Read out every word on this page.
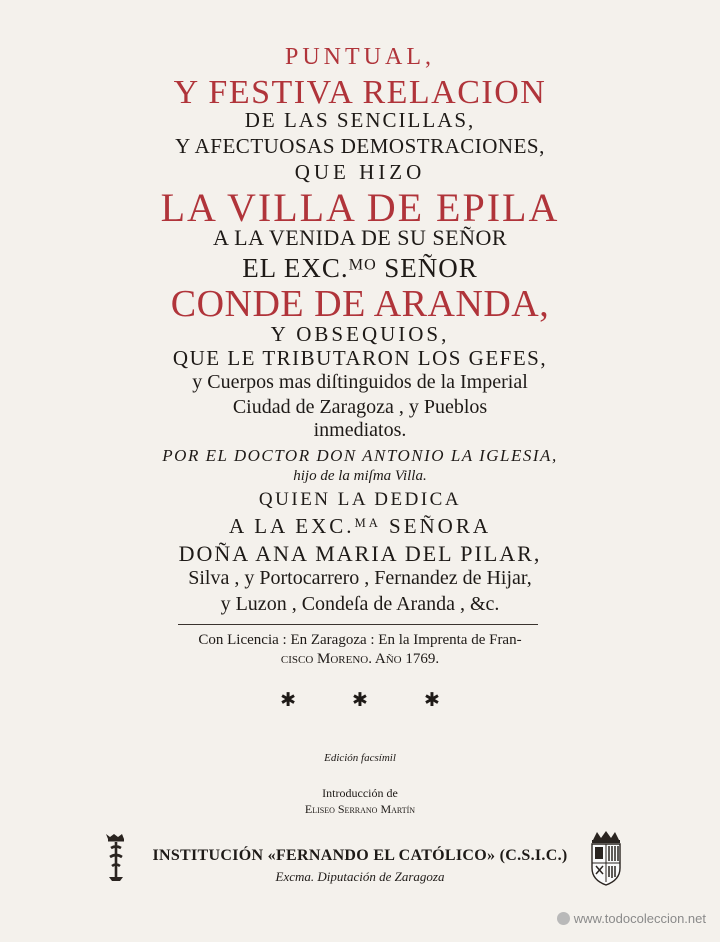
PUNTUAL,
Y FESTIVA RELACION
DE LAS SENCILLAS,
Y AFECTUOSAS DEMOSTRACIONES,
QUE HIZO
LA VILLA DE EPILA
A LA VENIDA DE SU SEÑOR
EL EXC.ᴹᴼ SEÑOR
CONDE DE ARANDA,
Y OBSEQUIOS,
QUE LE TRIBUTARON LOS GEFES,
y Cuerpos mas diſtinguidos de la Imperial
Ciudad de Zaragoza , y Pueblos
inmediatos.
POR EL DOCTOR DON ANTONIO LA IGLESIA,
hijo de la miſma Villa.
QUIEN LA DEDICA
A LA EXC.ᴹᴬ SEÑORA
DOÑA ANA MARIA DEL PILAR,
Silva , y Portocarrero , Fernandez de Hijar,
y Luzon , Condeſa de Aranda , &c.
Con Licencia : En Zaragoza : En la Imprenta de Fran-
cisco Moreno. Año 1769.
✱	✱	✱
Edición facsímil
Introducción de
Eliseo Serrano Martín
INSTITUCIÓN «FERNANDO EL CATÓLICO» (C.S.I.C.)
Excma. Diputación de Zaragoza
www.todocoleccion.net
